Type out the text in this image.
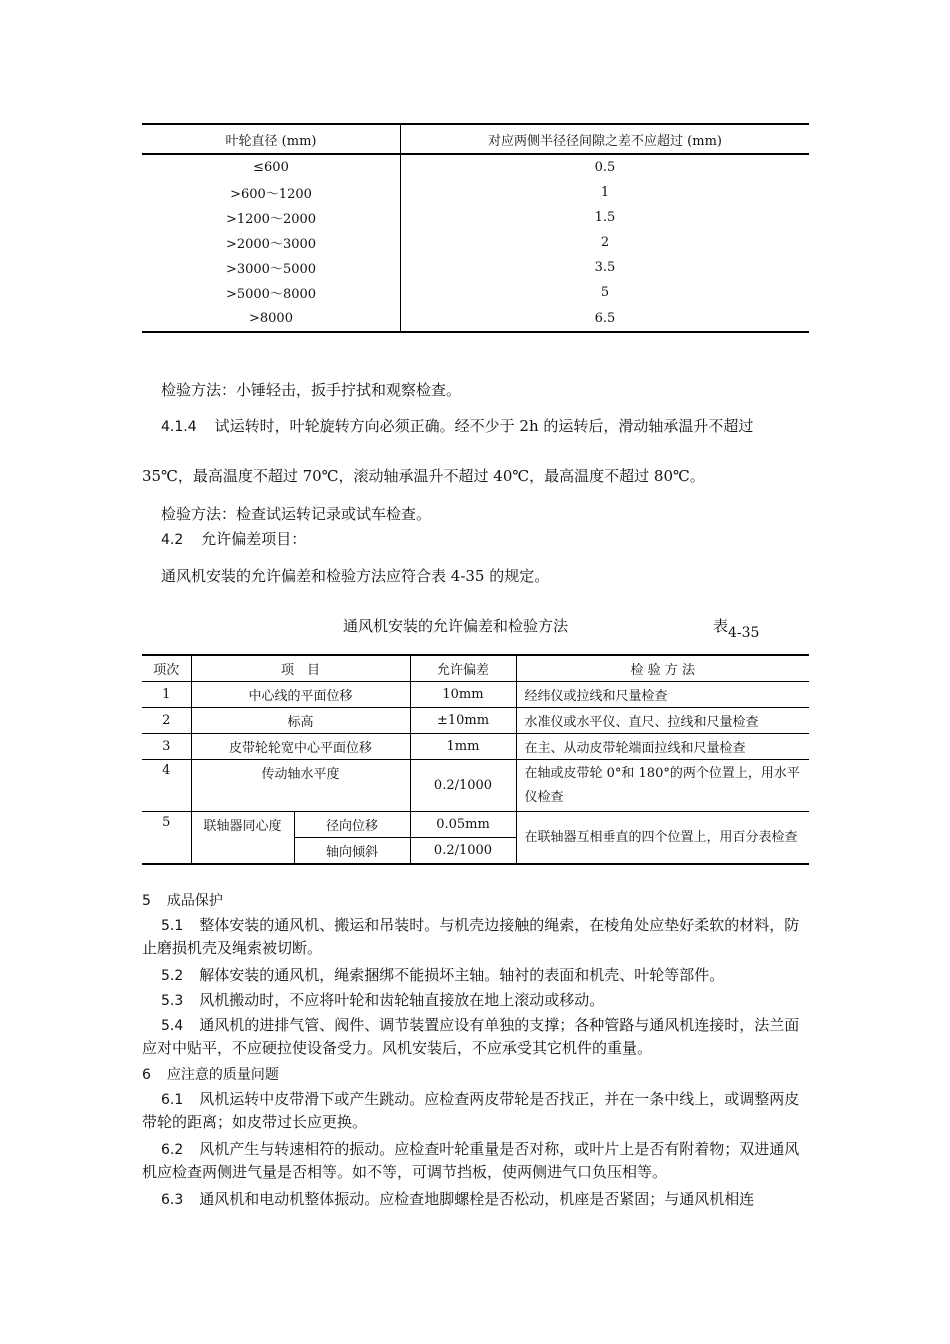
叶轮直径 (mm)	对应两侧半径径间隙之差不应超过 (mm)
≤600	0.5
>600～1200	1
>1200～2000	1.5
>2000～3000	2
>3000～5000	3.5
>5000～8000	5
>8000	6.5
检验方法：小锤轻击，扳手拧拭和观察检查。
4.1.4 试运转时，叶轮旋转方向必须正确。经不少于 2h 的运转后，滑动轴承温升不超过
35℃，最高温度不超过 70℃，滚动轴承温升不超过 40℃，最高温度不超过 80℃。
检验方法：检查试运转记录或试车检查。
4.2 允许偏差项目：
通风机安装的允许偏差和检验方法应符合表 4-35 的规定。
通风机安装的允许偏差和检验方法	表4-35
项次	项　目		允许偏差	检 验 方 法
1	中心线的平面位移		10mm	经纬仪或拉线和尺量检查
2	标高		±10mm	水准仪或水平仪、直尺、拉线和尺量检查
3	皮带轮轮宽中心平面位移		1mm	在主、从动皮带轮端面拉线和尺量检查
4	传动轴水平度		0.2/1000	在轴或皮带轮 0°和 180°的两个位置上，用水平仪检查
5	联轴器同心度	径向位移	0.05mm	在联轴器互相垂直的四个位置上，用百分表检查
		轴向倾斜	0.2/1000	
5 成品保护
5.1 整体安装的通风机、搬运和吊装时。与机壳边接触的绳索，在棱角处应垫好柔软的材料，防止磨损机壳及绳索被切断。
5.2 解体安装的通风机，绳索捆绑不能损坏主轴。轴衬的表面和机壳、叶轮等部件。
5.3 风机搬动时，不应将叶轮和齿轮轴直接放在地上滚动或移动。
5.4 通风机的进排气管、阀件、调节装置应设有单独的支撑；各种管路与通风机连接时，法兰面应对中贴平，不应硬拉使设备受力。风机安装后，不应承受其它机件的重量。
6 应注意的质量问题
6.1 风机运转中皮带滑下或产生跳动。应检查两皮带轮是否找正，并在一条中线上，或调整两皮带轮的距离；如皮带过长应更换。
6.2 风机产生与转速相符的振动。应检查叶轮重量是否对称，或叶片上是否有附着物；双进通风机应检查两侧进气量是否相等。如不等，可调节挡板，使两侧进气口负压相等。
6.3 通风机和电动机整体振动。应检查地脚螺栓是否松动，机座是否紧固；与通风机相连
